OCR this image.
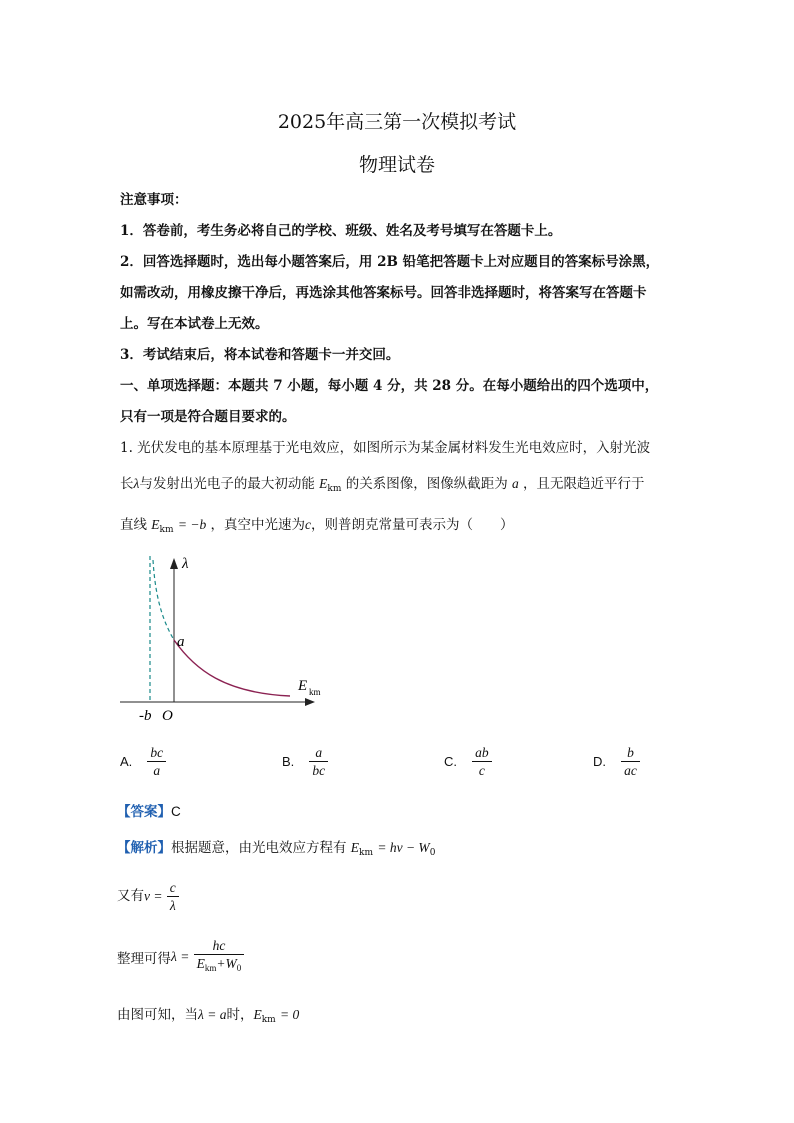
2025年高三第一次模拟考试
物理试卷
注意事项：
1．答卷前，考生务必将自己的学校、班级、姓名及考号填写在答题卡上。
2．回答选择题时，选出每小题答案后，用 2B 铅笔把答题卡上对应题目的答案标号涂黑，
如需改动，用橡皮擦干净后，再选涂其他答案标号。回答非选择题时，将答案写在答题卡
上。写在本试卷上无效。
3．考试结束后，将本试卷和答题卡一并交回。
一、单项选择题：本题共 7 小题，每小题 4 分，共 28 分。在每小题给出的四个选项中，
只有一项是符合题目要求的。
1. 光伏发电的基本原理基于光电效应，如图所示为某金属材料发生光电效应时，入射光波
长λ与发射出光电子的最大初动能 $E_{km}$ 的关系图像，图像纵截距为 a ，且无限趋近平行于
直线 $E_{km} = -b$ ，真空中光速为c，则普朗克常量可表示为（　　）
λ
a
E km
O
-b
A. $\frac{bc}{a}$	B. $\frac{a}{bc}$	C. $\frac{ab}{c}$	D. $\frac{b}{ac}$
【答案】C
【解析】根据题意，由光电效应方程有 $E_{km} = h\nu - W_0$
又有$\nu = \frac{c}{\lambda}$
整理可得$\lambda = \frac{hc}{E_{km}+W_0}$
由图可知，当λ = a时，$E_{km} = 0$
